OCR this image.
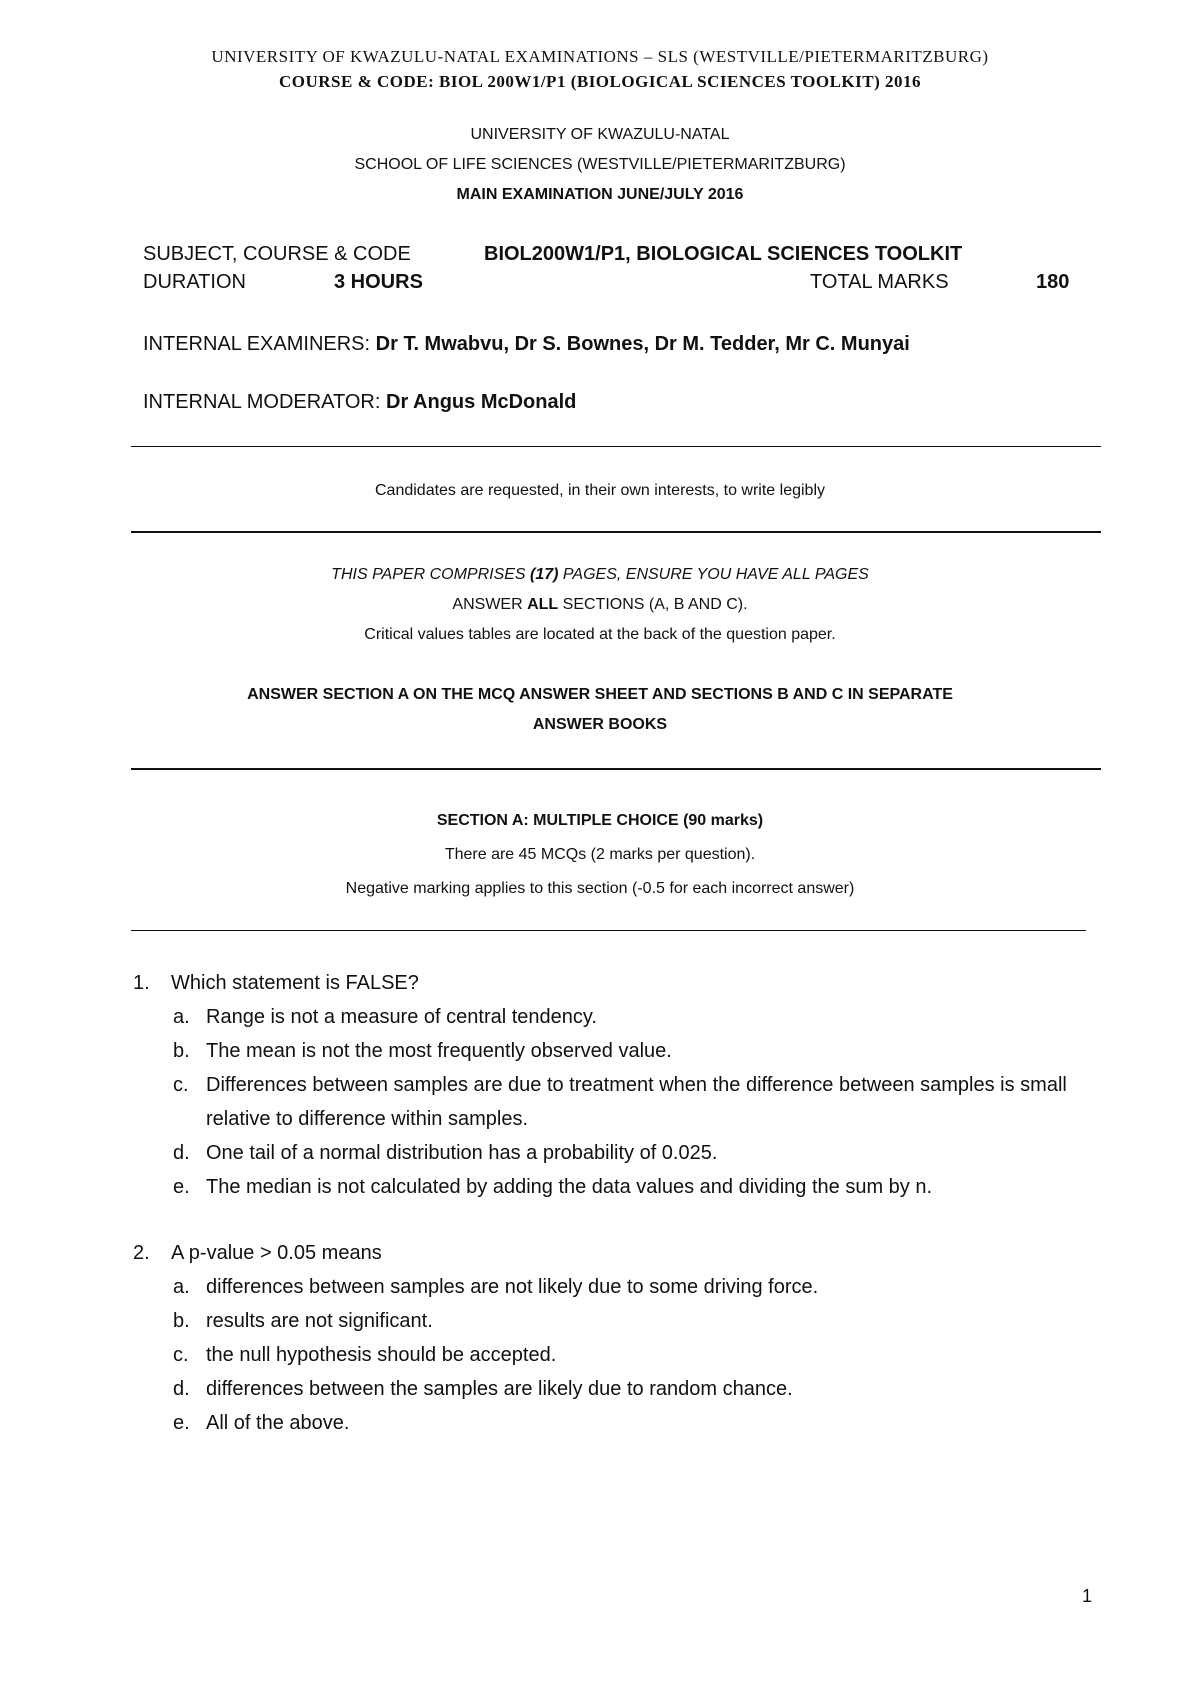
UNIVERSITY OF KWAZULU-NATAL EXAMINATIONS – SLS (WESTVILLE/PIETERMARITZBURG)
COURSE & CODE: BIOL 200W1/P1 (BIOLOGICAL SCIENCES TOOLKIT) 2016
UNIVERSITY OF KWAZULU-NATAL
SCHOOL OF LIFE SCIENCES (WESTVILLE/PIETERMARITZBURG)
MAIN EXAMINATION JUNE/JULY 2016
SUBJECT, COURSE & CODE	BIOL200W1/P1, BIOLOGICAL SCIENCES TOOLKIT
DURATION	3 HOURS	TOTAL MARKS	180
INTERNAL EXAMINERS: Dr T. Mwabvu, Dr S. Bownes, Dr M. Tedder, Mr C. Munyai
INTERNAL MODERATOR: Dr Angus McDonald
Candidates are requested, in their own interests, to write legibly
THIS PAPER COMPRISES (17) PAGES, ENSURE YOU HAVE ALL PAGES
ANSWER ALL SECTIONS (A, B AND C).
Critical values tables are located at the back of the question paper.
ANSWER SECTION A ON THE MCQ ANSWER SHEET AND SECTIONS B AND C IN SEPARATE
ANSWER BOOKS
SECTION A: MULTIPLE CHOICE (90 marks)
There are 45 MCQs (2 marks per question).
Negative marking applies to this section (-0.5 for each incorrect answer)
1. Which statement is FALSE?
a. Range is not a measure of central tendency.
b. The mean is not the most frequently observed value.
c. Differences between samples are due to treatment when the difference between samples is small relative to difference within samples.
d. One tail of a normal distribution has a probability of 0.025.
e. The median is not calculated by adding the data values and dividing the sum by n.
2. A p-value > 0.05 means
a. differences between samples are not likely due to some driving force.
b. results are not significant.
c. the null hypothesis should be accepted.
d. differences between the samples are likely due to random chance.
e. All of the above.
1
